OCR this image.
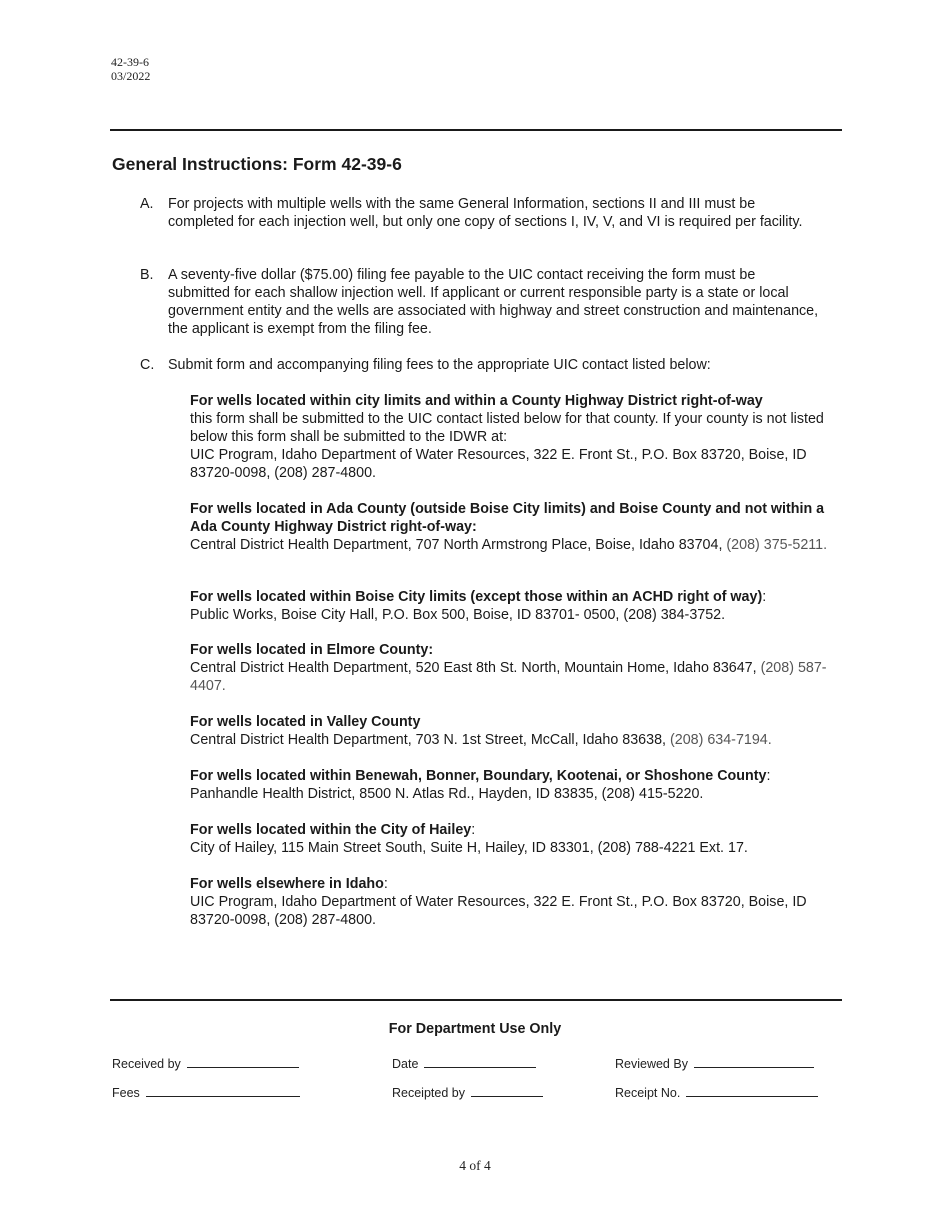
42-39-6
03/2022
General Instructions: Form 42-39-6
A. For projects with multiple wells with the same General Information, sections II and III must be completed for each injection well, but only one copy of sections I, IV, V, and VI is required per facility.
B. A seventy-five dollar ($75.00) filing fee payable to the UIC contact receiving the form must be submitted for each shallow injection well. If applicant or current responsible party is a state or local government entity and the wells are associated with highway and street construction and maintenance, the applicant is exempt from the filing fee.
C. Submit form and accompanying filing fees to the appropriate UIC contact listed below:
For wells located within city limits and within a County Highway District right-of-way
this form shall be submitted to the UIC contact listed below for that county. If your county is not listed below this form shall be submitted to the IDWR at:
UIC Program, Idaho Department of Water Resources, 322 E. Front St., P.O. Box 83720, Boise, ID 83720-0098, (208) 287-4800.
For wells located in Ada County (outside Boise City limits) and Boise County and not within a Ada County Highway District right-of-way:
Central District Health Department, 707 North Armstrong Place, Boise, Idaho 83704, (208) 375-5211.
For wells located within Boise City limits (except those within an ACHD right of way):
Public Works, Boise City Hall, P.O. Box 500, Boise, ID 83701- 0500, (208) 384-3752.
For wells located in Elmore County:
Central District Health Department, 520 East 8th St. North, Mountain Home, Idaho 83647, (208) 587-4407.
For wells located in Valley County
Central District Health Department, 703 N. 1st Street, McCall, Idaho 83638, (208) 634-7194.
For wells located within Benewah, Bonner, Boundary, Kootenai, or Shoshone County:
Panhandle Health District, 8500 N. Atlas Rd., Hayden, ID 83835, (208) 415-5220.
For wells located within the City of Hailey:
City of Hailey, 115 Main Street South, Suite H, Hailey, ID 83301, (208) 788-4221 Ext. 17.
For wells elsewhere in Idaho:
UIC Program, Idaho Department of Water Resources, 322 E. Front St., P.O. Box 83720, Boise, ID 83720-0098, (208) 287-4800.
For Department Use Only
Received by	Date	Reviewed By
Fees	Receipted by	Receipt No.
4 of 4
